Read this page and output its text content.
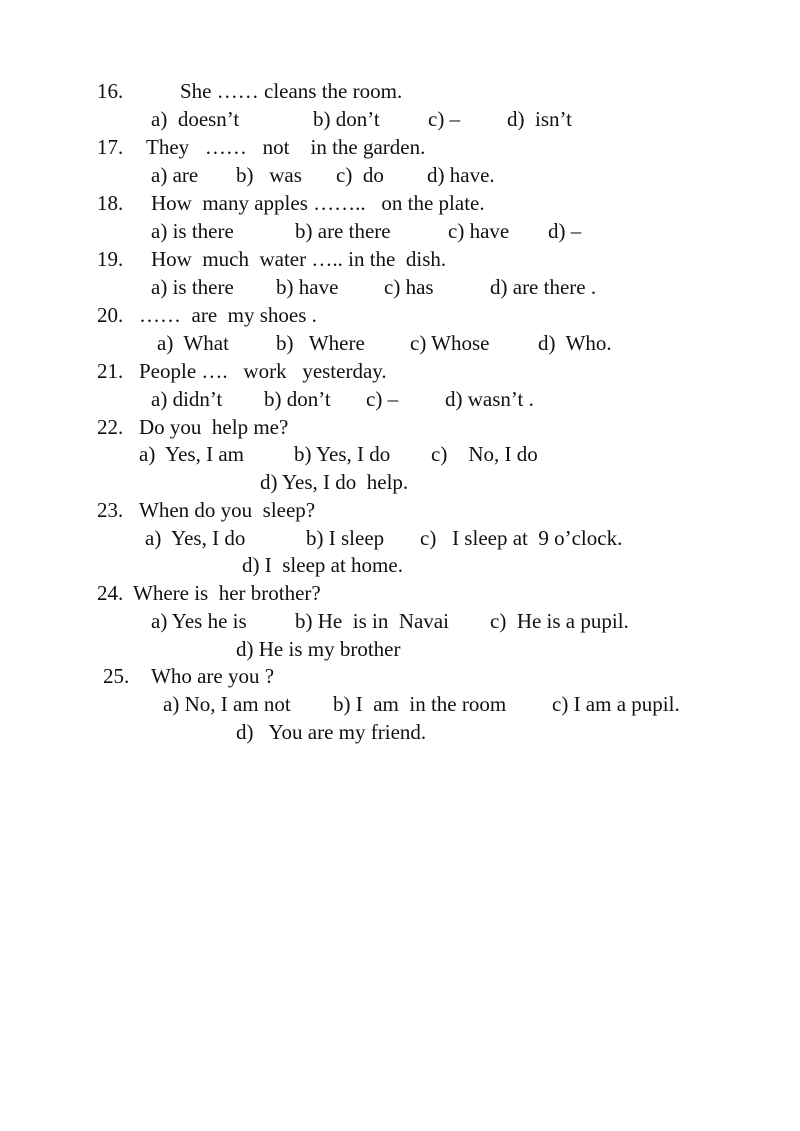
16.	She …… cleans the room.
a)  doesn’t	b) don’t c) – d)  isn’t
17. They   ……   not    in the garden.
a) are b)   was c)  do d) have.
18. How  many apples ……..   on the plate.
a) is there	b) are there	c) have d) –
19. How  much  water ….. in the  dish.
a) is there b) have c) has	d) are there .
20. ……  are  my shoes .
a)  What b)   Where c) Whose d)  Who.
21. People ….   work   yesterday.
a) didn’t b) don’t c) – d) wasn’t .
22. Do you  help me?
a)  Yes, I am b) Yes, I do c)    No, I do
d) Yes, I do  help.
23. When do you  sleep?
a)  Yes, I do	b) I sleep c)   I sleep at  9 o’clock.
d) I  sleep at home.
24. Where is  her brother?
a) Yes he is b) He  is in  Navai c)  He is a pupil.
d) He is my brother
25. Who are you ?
a) No, I am not b) I  am  in the room c) I am a pupil.
d)   You are my friend.
